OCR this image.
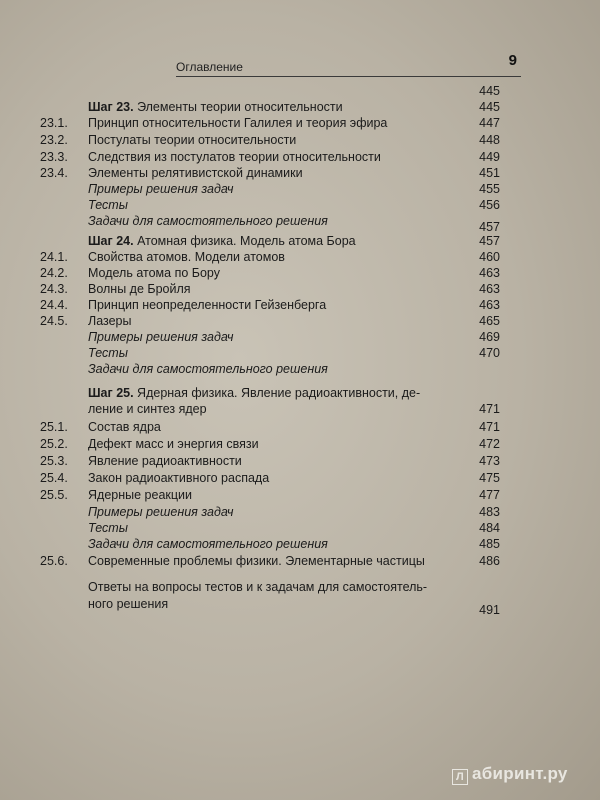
Оглавление	9
445
Шаг 23. Элементы теории относительности	445
23.1. Принцип относительности Галилея и теория эфира	447
23.2. Постулаты теории относительности	448
23.3. Следствия из постулатов теории относительности	449
23.4. Элементы релятивистской динамики	451
Примеры решения задач	455
Тесты	456
Задачи для самостоятельного решения	457
Шаг 24. Атомная физика. Модель атома Бора	457
24.1. Свойства атомов. Модели атомов	460
24.2. Модель атома по Бору	463
24.3. Волны де Бройля	463
24.4. Принцип неопределенности Гейзенберга	463
24.5. Лазеры	465
Примеры решения задач	469
Тесты	470
Задачи для самостоятельного решения
Шаг 25. Ядерная физика. Явление радиоактивности, де-
ление и синтез ядер	471
25.1. Состав ядра	471
25.2. Дефект масс и энергия связи	472
25.3. Явление радиоактивности	473
25.4. Закон радиоактивного распада	475
25.5. Ядерные реакции	477
Примеры решения задач	483
Тесты	484
Задачи для самостоятельного решения	485
25.6. Современные проблемы физики. Элементарные частицы	486
Ответы на вопросы тестов и к задачам для самостоятель-
ного решения	491
Л абиринт.ру
